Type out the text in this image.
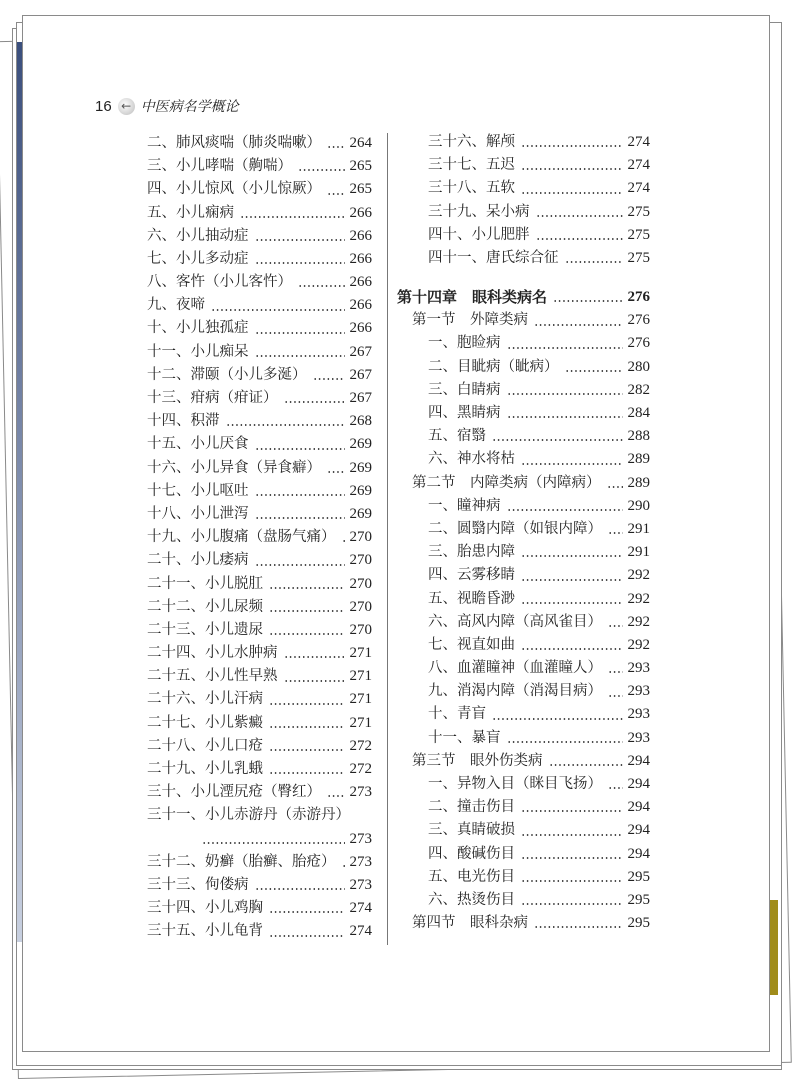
16 ← 中医病名学概论
二、肺风痰喘（肺炎喘嗽） 264
三、小儿哮喘（齁喘）	265
四、小儿惊风（小儿惊厥） 265
五、小儿痫病	266
六、小儿抽动症	266
七、小儿多动症	266
八、客忤（小儿客忤）	266
九、夜啼	266
十、小儿独孤症	266
十一、小儿痴呆	267
十二、滞颐（小儿多涎）	267
十三、疳病（疳证）	267
十四、积滞	268
十五、小儿厌食	269
十六、小儿异食（异食癖） 269
十七、小儿呕吐	269
十八、小儿泄泻	269
十九、小儿腹痛（盘肠气痛） 270
二十、小儿痿病	270
二十一、小儿脱肛	270
二十二、小儿尿频	270
二十三、小儿遗尿	270
二十四、小儿水肿病	271
二十五、小儿性早熟	271
二十六、小儿汗病	271
二十七、小儿紫癜	271
二十八、小儿口疮	272
二十九、小儿乳蛾	272
三十、小儿湮尻疮（臀红） 273
三十一、小儿赤游丹（赤游丹）
273
三十二、奶癣（胎癣、胎疮） 273
三十三、佝偻病	273
三十四、小儿鸡胸	274
三十五、小儿龟背	274
三十六、解颅	274
三十七、五迟	274
三十八、五软	274
三十九、呆小病	275
四十、小儿肥胖	275
四十一、唐氏综合征	275
第十四章　眼科类病名	276
第一节　外障类病	276
一、胞睑病	276
二、目眦病（眦病）	280
三、白睛病	282
四、黑睛病	284
五、宿翳	288
六、神水将枯	289
第二节　内障类病（内障病） 289
一、瞳神病	290
二、圆翳内障（如银内障） 291
三、胎患内障	291
四、云雾移睛	292
五、视瞻昏渺	292
六、高风内障（高风雀目） 292
七、视直如曲	292
八、血灌瞳神（血灌瞳人） 293
九、消渴内障（消渴目病） 293
十、青盲	293
十一、暴盲	293
第三节　眼外伤类病	294
一、异物入目（眯目飞扬） 294
二、撞击伤目	294
三、真睛破损	294
四、酸碱伤目	294
五、电光伤目	295
六、热烫伤目	295
第四节　眼科杂病	295
